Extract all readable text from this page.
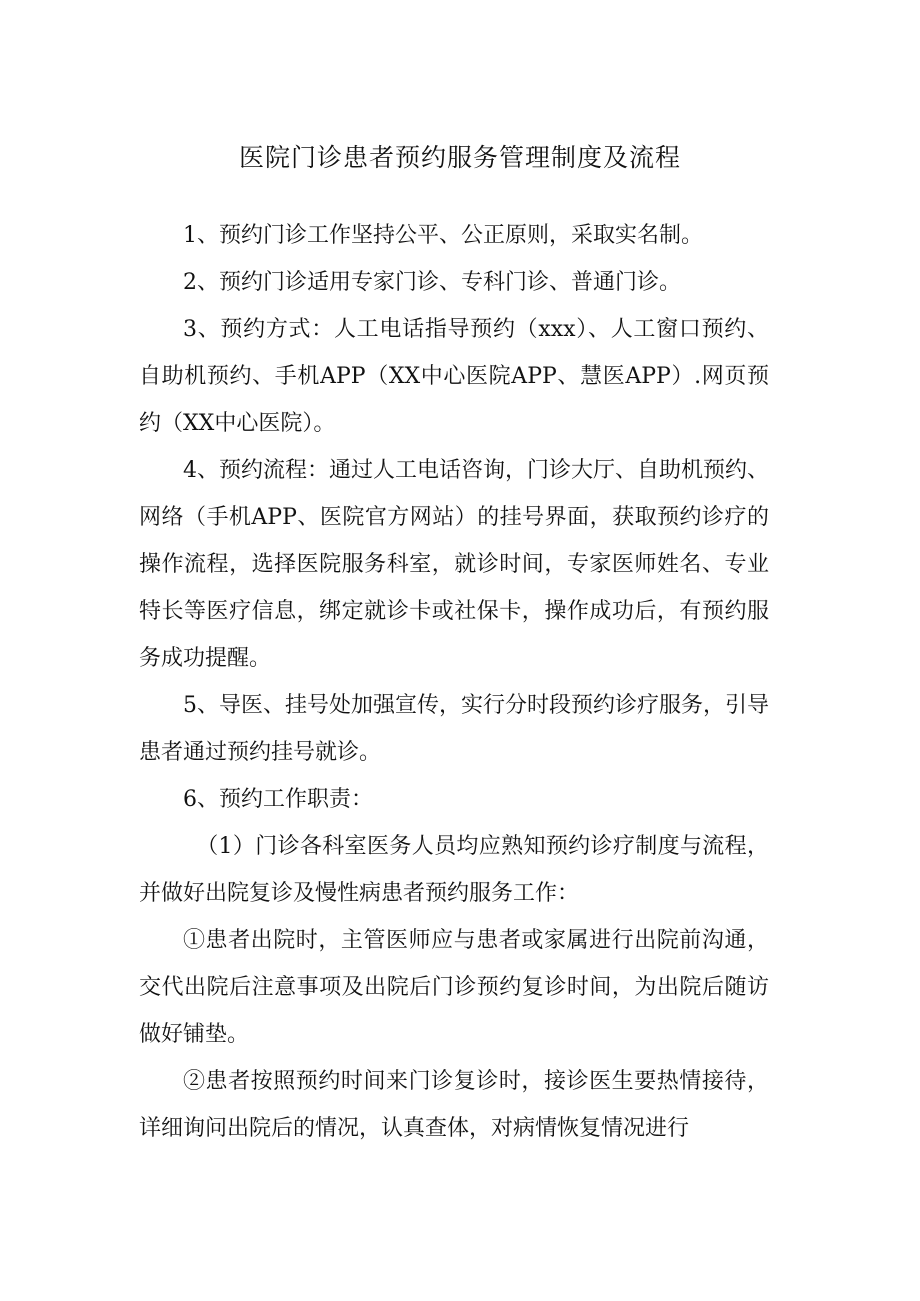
医院门诊患者预约服务管理制度及流程

1、预约门诊工作坚持公平、公正原则，采取实名制。

2、预约门诊适用专家门诊、专科门诊、普通门诊。

3、预约方式：人工电话指导预约（xxx）、人工窗口预约、自助机预约、手机APP（XX中心医院APP、慧医APP）.网页预约（XX中心医院）。

4、预约流程：通过人工电话咨询，门诊大厅、自助机预约、网络（手机APP、医院官方网站）的挂号界面，获取预约诊疗的操作流程，选择医院服务科室，就诊时间，专家医师姓名、专业特长等医疗信息，绑定就诊卡或社保卡，操作成功后，有预约服务成功提醒。

5、导医、挂号处加强宣传，实行分时段预约诊疗服务，引导患者通过预约挂号就诊。

6、预约工作职责：

（1）门诊各科室医务人员均应熟知预约诊疗制度与流程，并做好出院复诊及慢性病患者预约服务工作：

①患者出院时，主管医师应与患者或家属进行出院前沟通，交代出院后注意事项及出院后门诊预约复诊时间，为出院后随访做好铺垫。

②患者按照预约时间来门诊复诊时，接诊医生要热情接待，详细询问出院后的情况，认真查体，对病情恢复情况进行
